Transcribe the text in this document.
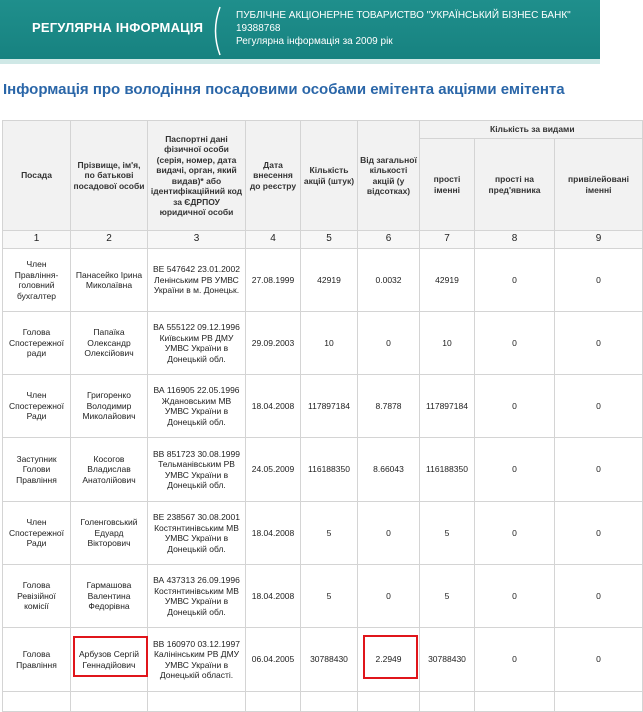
РЕГУЛЯРНА ІНФОРМАЦІЯ
ПУБЛІЧНЕ АКЦІОНЕРНЕ ТОВАРИСТВО "УКРАЇНСЬКИЙ БІЗНЕС БАНК"
19388768
Регулярна інформація за 2009 рік
Інформація про володіння посадовими особами емітента акціями емітента
Посада	Прізвище, ім'я, по батькові посадової особи	Паспортні дані фізичної особи (серія, номер, дата видачі, орган, який видав)* або ідентифікаційний код за ЄДРПОУ юридичної особи	Дата внесення до реєстру	Кількість акцій (штук)	Від загальної кількості акцій (у відсотках)	Кількість за видами		
						прості іменні	прості на пред'явника	привілейовані іменні
1	2	3	4	5	6	7	8	9
Член Правління- головний бухгалтер	Панасейко Ірина Миколаївна	ВЕ 547642 23.01.2002 Ленінським РВ УМВС України в м. Донецьк.	27.08.1999	42919	0.0032	42919	0	0
Голова Спостережної ради	Папаїка Олександр Олексійович	ВА 555122 09.12.1996 Київським РВ ДМУ УМВС України в Донецькій обл.	29.09.2003	10	0	10	0	0
Член Спостережної Ради	Григоренко Володимир Миколайович	ВА 116905 22.05.1996 Ждановським МВ УМВС України в Донецькій обл.	18.04.2008	117897184	8.7878	117897184	0	0
Заступник Голови Правління	Косогов Владислав Анатолійович	ВВ 851723 30.08.1999 Тельманівським РВ УМВС України в Донецькій обл.	24.05.2009	116188350	8.66043	116188350	0	0
Член Спостережної Ради	Голенговський Едуард Вікторович	ВЕ 238567 30.08.2001 Костянтинівським МВ УМВС України в Донецькій обл.	18.04.2008	5	0	5	0	0
Голова Ревізійної комісії	Гармашова Валентина Федорівна	ВА 437313 26.09.1996 Костянтинівським МВ УМВС України в Донецькій обл.	18.04.2008	5	0	5	0	0
Голова Правління	Арбузов Сергій Геннадійович	ВВ 160970 03.12.1997 Калінінським РВ ДМУ УМВС України в Донецькій області.	06.04.2005	30788430	2.2949	30788430	0	0
